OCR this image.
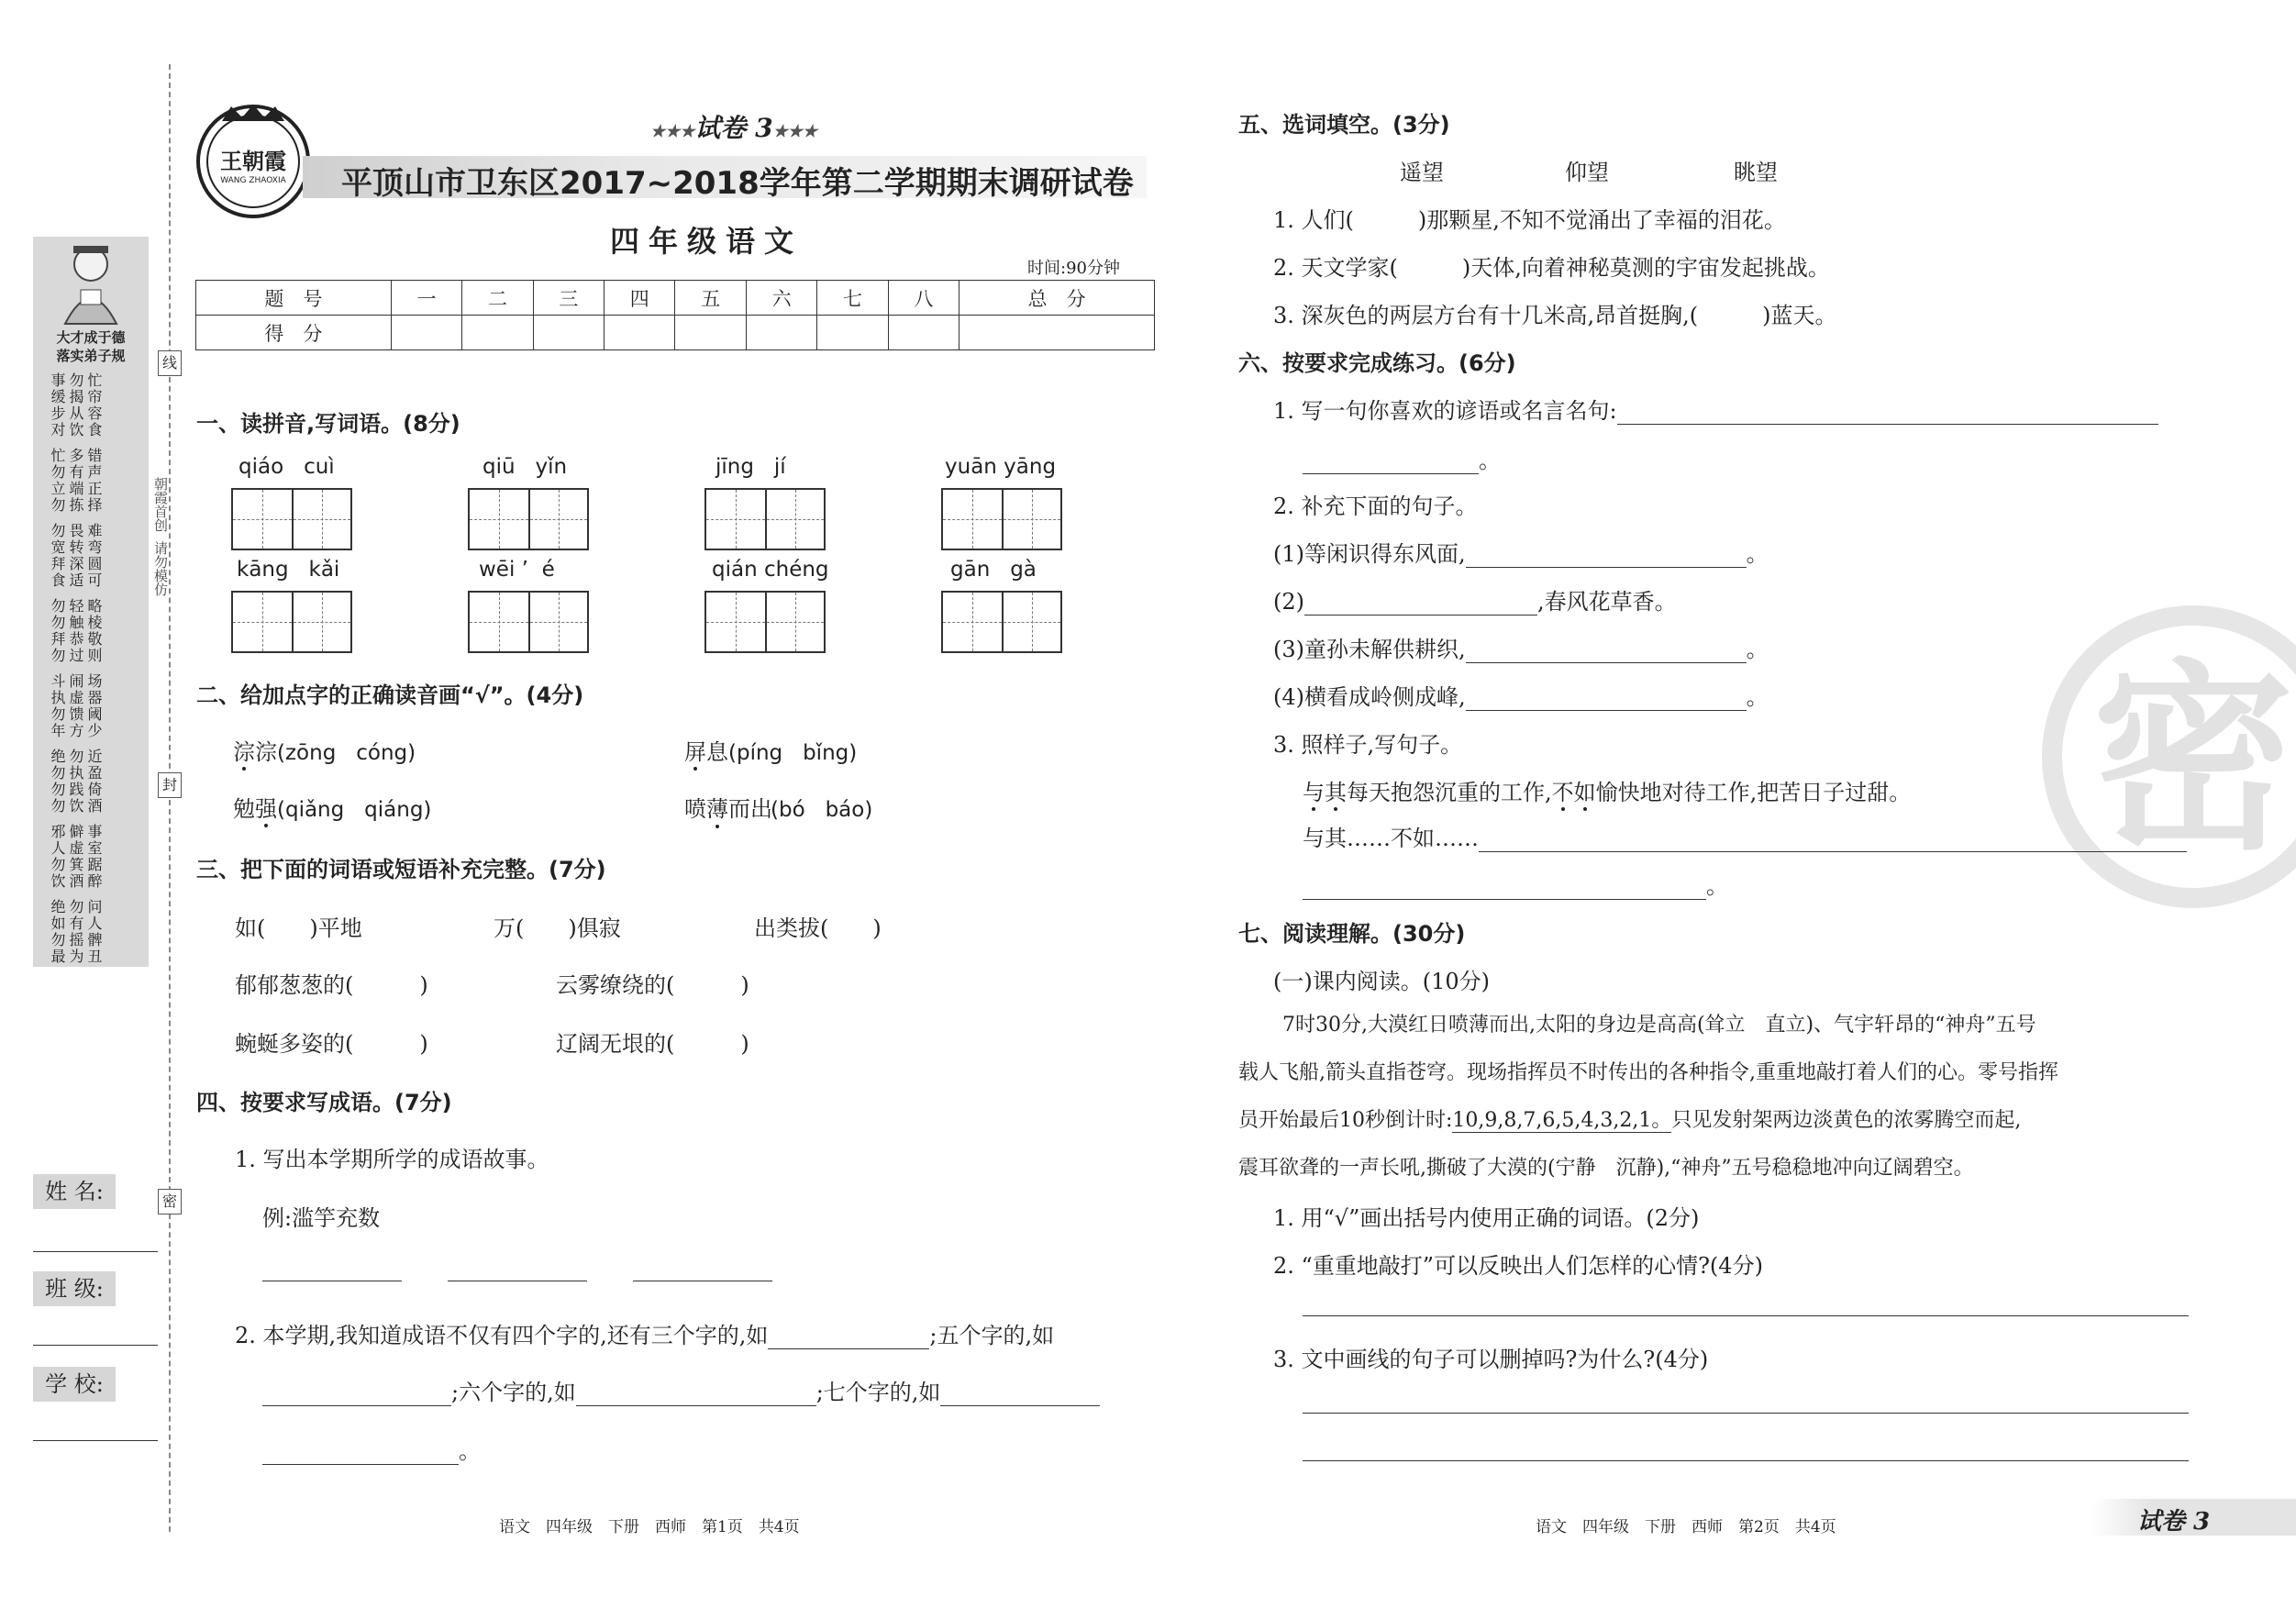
大才成于德
落实弟子规
事缓步对勿揭从饮忙帘容食
忙勿立勿多有端拣错声正择
勿宽拜食畏转深适难弯圆可
勿勿拜勿轻触恭过略棱敬则
斗执勿年闹虚馈方场器阈少
绝勿勿勿勿执践饮近盈倚酒
邪人勿饮僻虚箕酒事室踞醉
绝如勿最勿有摇为问人髀丑
朝霞首创
请勿模仿
线
封
密
姓 名:
班 级:
学 校:
王朝霞
WANG ZHAOXIA
★★★试卷 3★★★
平顶山市卫东区2017~2018学年第二学期期末调研试卷
四年级语文
时间:90分钟
题　号	一	二	三	四	五	六	七	八	总　分
得　分									
一、读拼音,写词语。(8分)
qiáo   cuì	qiū   yǐn	jīng   jí	yuān yāng
kāng   kǎi	wēi ’  é	qián chéng	gān   gà
二、给加点字的正确读音画“√”。(4分)
淙淙(zōng   cóng)	屏息(píng   bǐng)
勉强(qiǎng   qiáng)	喷薄而出(bó   báo)
三、把下面的词语或短语补充完整。(7分)
如(　　)平地	万(　　)俱寂	出类拔(　　)
郁郁葱葱的(　　　)	云雾缭绕的(　　　)
蜿蜒多姿的(　　　)	辽阔无垠的(　　　)
四、按要求写成语。(7分)
1. 写出本学期所学的成语故事。
例:滥竽充数
2. 本学期,我知道成语不仅有四个字的,还有三个字的,如	;五个字的,如
;六个字的,如	;七个字的,如
。
语文　四年级　下册　西师　第1页　共4页
密
五、选词填空。(3分)
遥望	仰望	眺望
1. 人们(	)那颗星,不知不觉涌出了幸福的泪花。
2. 天文学家(	)天体,向着神秘莫测的宇宙发起挑战。
3. 深灰色的两层方台有十几米高,昂首挺胸,(	)蓝天。
六、按要求完成练习。(6分)
1. 写一句你喜欢的谚语或名言名句:
。
2. 补充下面的句子。
(1)等闲识得东风面,	。
(2)	,春风花草香。
(3)童孙未解供耕织,	。
(4)横看成岭侧成峰,	。
3. 照样子,写句子。
与其每天抱怨沉重的工作,不如愉快地对待工作,把苦日子过甜。
与其……不如……
。
七、阅读理解。(30分)
(一)课内阅读。(10分)
7时30分,大漠红日喷薄而出,太阳的身边是高高(耸立　直立)、气宇轩昂的“神舟”五号
载人飞船,箭头直指苍穹。现场指挥员不时传出的各种指令,重重地敲打着人们的心。零号指挥
员开始最后10秒倒计时:10,9,8,7,6,5,4,3,2,1。只见发射架两边淡黄色的浓雾腾空而起,
震耳欲聋的一声长吼,撕破了大漠的(宁静　沉静),“神舟”五号稳稳地冲向辽阔碧空。
1. 用“√”画出括号内使用正确的词语。(2分)
2. “重重地敲打”可以反映出人们怎样的心情?(4分)
3. 文中画线的句子可以删掉吗?为什么?(4分)
语文　四年级　下册　西师　第2页　共4页	试卷 3
